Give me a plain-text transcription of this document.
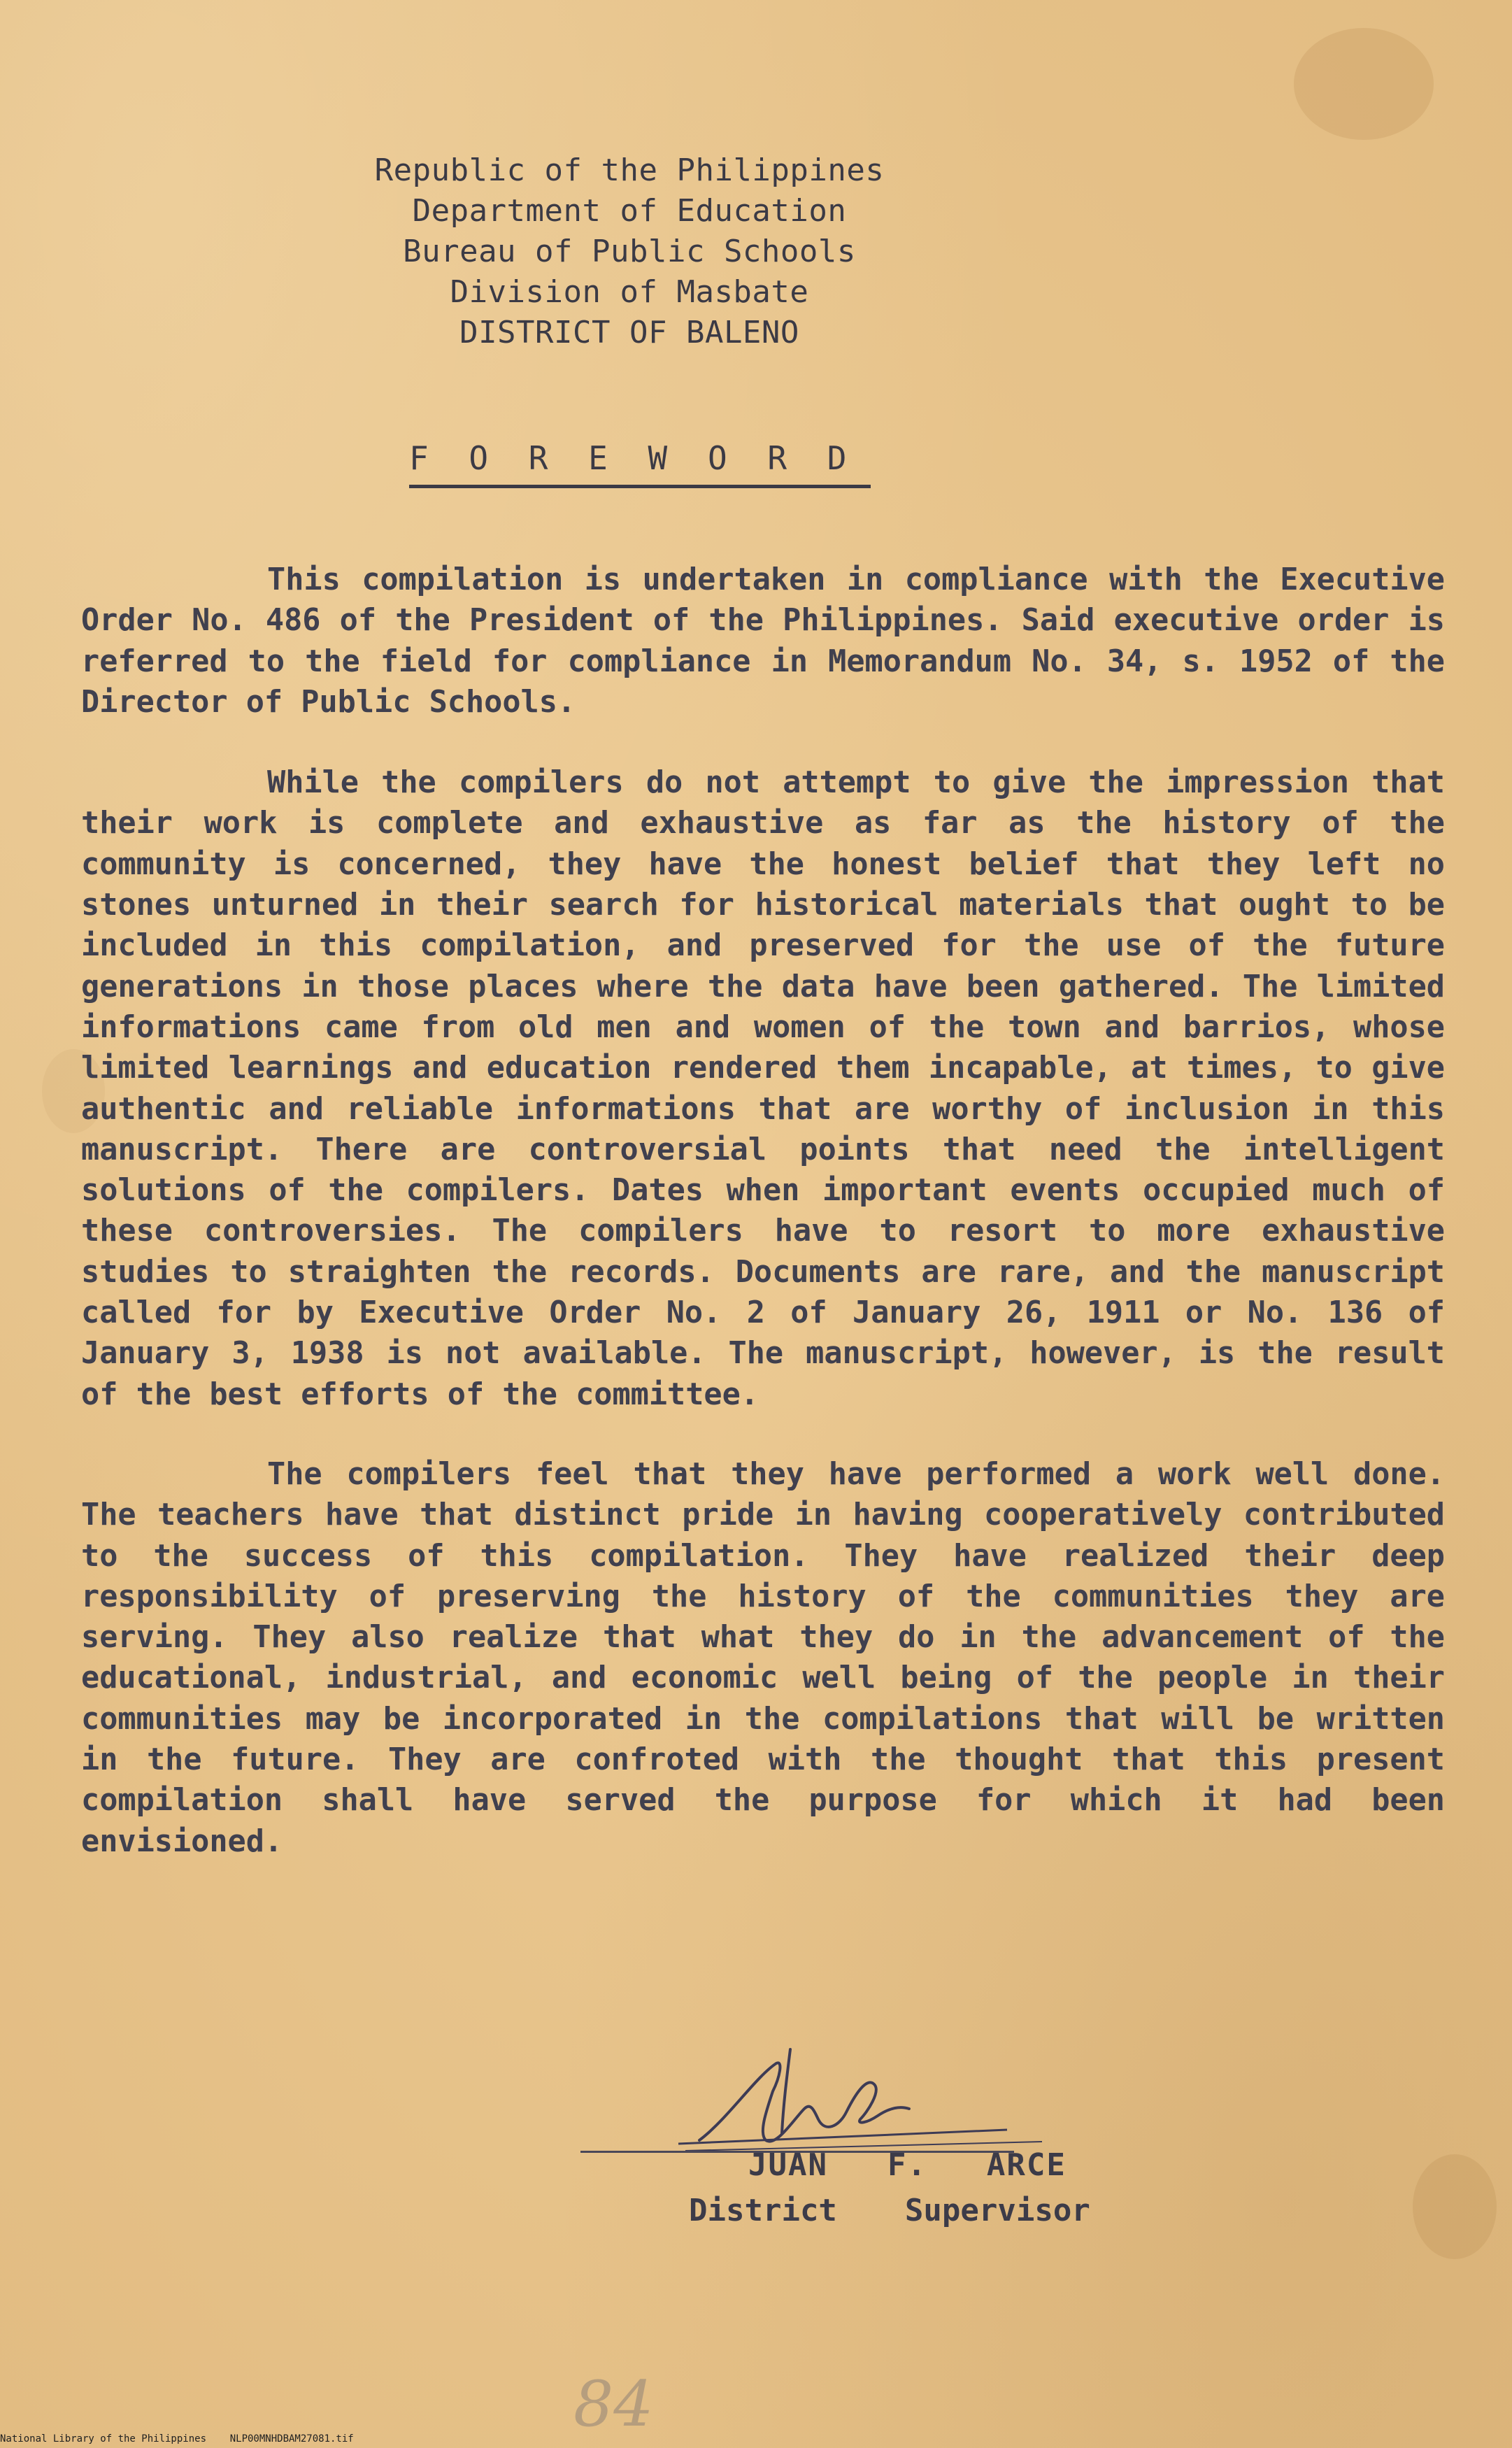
Republic of the Philippines
Department of Education
Bureau of Public Schools
Division of Masbate
DISTRICT OF BALENO
F O R E W O R D

This compilation is undertaken in compliance with the Executive Order No. 486 of the President of the Philippines. Said executive order is referred to the field for compliance in Memorandum No. 34, s. 1952 of the Director of Public Schools.

While the compilers do not attempt to give the impression that their work is complete and exhaustive as far as the history of the community is concerned, they have the honest belief that they left no stones unturned in their search for historical materials that ought to be included in this compilation, and preserved for the use of the future generations in those places where the data have been gathered. The limited informations came from old men and women of the town and barrios, whose limited learnings and education rendered them incapable, at times, to give authentic and reliable informations that are worthy of inclusion in this manuscript. There are controversial points that need the intelligent solutions of the compilers. Dates when important events occupied much of these controversies. The compilers have to resort to more exhaustive studies to straighten the records. Documents are rare, and the manuscript called for by Executive Order No. 2 of January 26, 1911 or No. 136 of January 3, 1938 is not available. The manuscript, however, is the result of the best efforts of the committee.

The compilers feel that they have performed a work well done. The teachers have that distinct pride in having cooperatively contributed to the success of this compilation. They have realized their deep responsibility of preserving the history of the communities they are serving. They also realize that what they do in the advancement of the educational, industrial, and economic well being of the people in their communities may be incorporated in the compilations that will be written in the future. They are confroted with the thought that this present compilation shall have served the purpose for which it had been envisioned.

JUAN  F.  ARCE
District  Supervisor
84
National Library of the Philippines    NLP00MNHDBAM27081.tif
